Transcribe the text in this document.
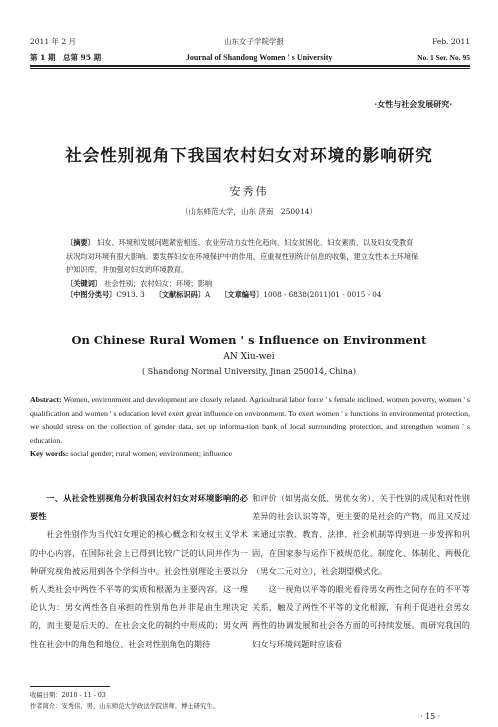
2011 年 2 月	山东女子学院学报	Feb. 2011
第 1 期　总第 95 期	Journal of Shandong Women ' s University	No. 1 Ser. No. 95
·女性与社会发展研究·
社会性别视角下我国农村妇女对环境的影响研究
安秀伟
（山东师范大学，山东 济南　250014）

〔摘要〕 妇女、环境和发展问题紧密相连。农业劳动力女性化趋向、妇女贫困化、妇女素质、以及妇女受教育

状况均对环境有很大影响。要发挥妇女在环境保护中的作用，应重视性别统计信息的收集，建立女性本土环境保

护知识库，并加强对妇女的环境教育。

〔关键词〕 社会性别；农村妇女；环境；影响

〔中图分类号〕C913. 3 〔文献标识码〕A 〔文章编号〕1008 - 6838(2011)01 - 0015 - 04
On Chinese Rural Women ' s Influence on Environment
AN Xiu-wei
( Shandong Normal University, Jinan 250014, China)
Abstract: Women, environment and development are closely related. Agricultural labor force ' s female inclined, women poverty, women ' s qualification and women ' s education level exert great influence on environment. To exert women ' s functions in environmental protection, we should stress on the collection of gender data, set up informa-tion bank of local surrounding protection, and strengthen women ' s education.
Key words: social gender; rural women; environment; influence

一、从社会性别视角分析我国农村妇女对环境影响的必要性

社会性别作为当代妇女理论的核心概念和女权主义学术的中心内容，在国际社会上已得到比较广泛的认同并作为一种研究视角被运用到各个学科当中。社会性别理论主要以分析人类社会中两性不平等的实质和根源为主要内容。这一理论认为：男女两性各自承担的性别角色并非是由生理决定的，而主要是后天的、在社会文化的制约中形成的；男女两性在社会中的角色和地位、社会对性别角色的期待

和评价（如男高女低、男优女劣）、关于性别的成见和对性别差异的社会认识等等，更主要的是社会的产物，而且又反过来通过宗教、教育、法律、社会机制等得到进一步发挥和巩固，在国家参与运作下被规范化、制度化、体制化、两极化（男女二元对立），社会期望模式化。

这一视角以平等的眼光看待男女两性之间存在的不平等关系，触及了两性不平等的文化根源，有利于促进社会男女两性的协调发展和社会各方面的可持续发展。而研究我国的妇女与环境问题时应该看

收稿日期：2010 - 11 - 03
作者简介：安秀伟，男，山东师范大学政法学院讲师，博士研究生。
· 15 ·
